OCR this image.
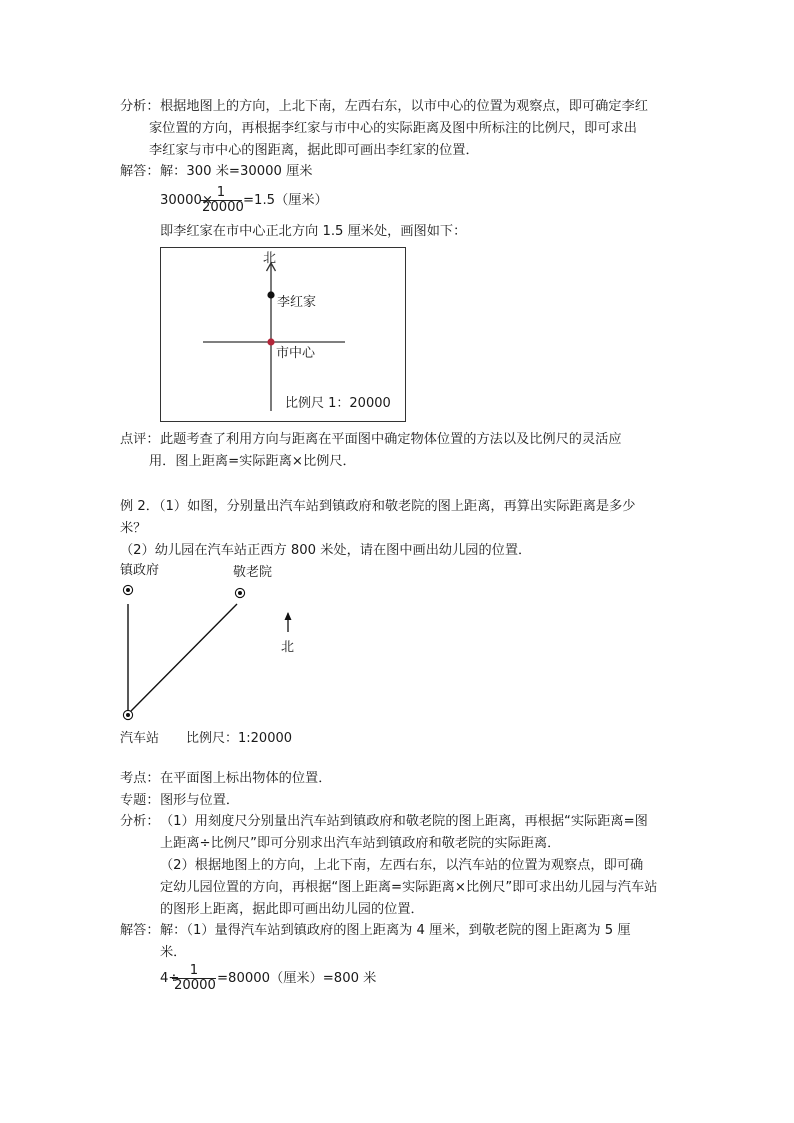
分析： 根据地图上的方向，上北下南，左西右东，以市中心的位置为观察点，即可确定李红
家位置的方向，再根据李红家与市中心的实际距离及图中所标注的比例尺，即可求出
李红家与市中心的图距离，据此即可画出李红家的位置．
解答： 解：300 米=30000 厘米
30000×
$\frac{1}{20000} =1.5$（厘米）
即李红家在市中心正北方向 1.5 厘米处，画图如下：
北
李红家
市中心
比例尺 1：20000
点评： 此题考查了利用方向与距离在平面图中确定物体位置的方法以及比例尺的灵活应
用．图上距离=实际距离×比例尺．
例 2．（1）如图，分别量出汽车站到镇政府和敬老院的图上距离，再算出实际距离是多少
米？
（2）幼儿园在汽车站正西方 800 米处，请在图中画出幼儿园的位置．
镇政府	敬老院
北
汽车站 比例尺：1:20000
考点： 在平面图上标出物体的位置．
专题： 图形与位置．
分析： （1）用刻度尺分别量出汽车站到镇政府和敬老院的图上距离，再根据“实际距离=图
上距离÷比例尺”即可分别求出汽车站到镇政府和敬老院的实际距离．
（2）根据地图上的方向，上北下南，左西右东，以汽车站的位置为观察点，即可确
定幼儿园位置的方向，再根据“图上距离=实际距离×比例尺”即可求出幼儿园与汽车站
的图形上距离，据此即可画出幼儿园的位置．
解答： 解：（1）量得汽车站到镇政府的图上距离为 4 厘米，到敬老院的图上距离为 5 厘
米．
4÷
$\frac{1}{20000} =80000$（厘米）=800 米
